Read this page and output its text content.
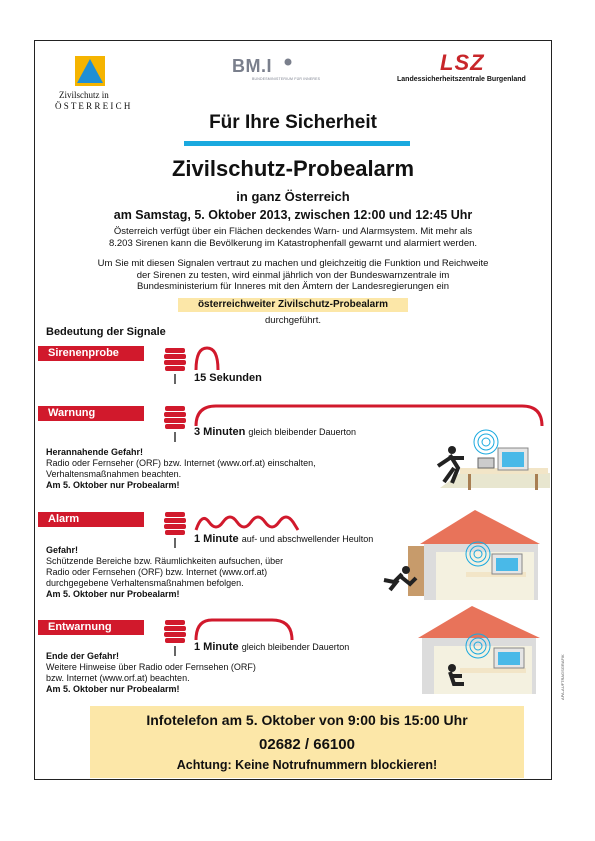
Zivilschutz in
Ö S T E R R E I C H
BM.I
BUNDESMINISTERIUM FÜR INNERES
LSZ
Landessicherheitszentrale Burgenland
Für Ihre Sicherheit
Zivilschutz-Probealarm
in ganz Österreich
am Samstag, 5. Oktober 2013, zwischen 12:00 und 12:45 Uhr
Österreich verfügt über ein Flächen deckendes Warn- und Alarmsystem. Mit mehr als
8.203 Sirenen kann die Bevölkerung im Katastrophenfall gewarnt und alarmiert werden.
Um Sie mit diesen Signalen vertraut zu machen und gleichzeitig die Funktion und Reichweite
der Sirenen zu testen, wird einmal jährlich von der Bundeswarnzentrale im
Bundesministerium für Inneres mit den Ämtern der Landesregierungen ein
österreichweiter Zivilschutz-Probealarm
durchgeführt.
Bedeutung der Signale
Sirenenprobe
15 Sekunden
Warnung
3 Minuten gleich bleibender Dauerton
Herannahende Gefahr!
Radio oder Fernseher (ORF) bzw. Internet (www.orf.at) einschalten,
Verhaltensmaßnahmen beachten.
Am 5. Oktober nur Probealarm!
Alarm
1 Minute auf- und abschwellender Heulton
Gefahr!
Schützende Bereiche bzw. Räumlichkeiten aufsuchen, über
Radio oder Fernsehen (ORF) bzw. Internet (www.orf.at)
durchgegebene Verhaltensmaßnahmen befolgen.
Am 5. Oktober nur Probealarm!
Entwarnung
1 Minute gleich bleibender Dauerton
Ende der Gefahr!
Weitere Hinweise über Radio oder Fernsehen (ORF)
bzw. Internet (www.orf.at) beachten.
Am 5. Oktober nur Probealarm!
Infotelefon am 5. Oktober von 9:00 bis 15:00 Uhr
02682 / 66100
Achtung: Keine Notrufnummern blockieren!
APA-AUFTRAGSGRAFIK
